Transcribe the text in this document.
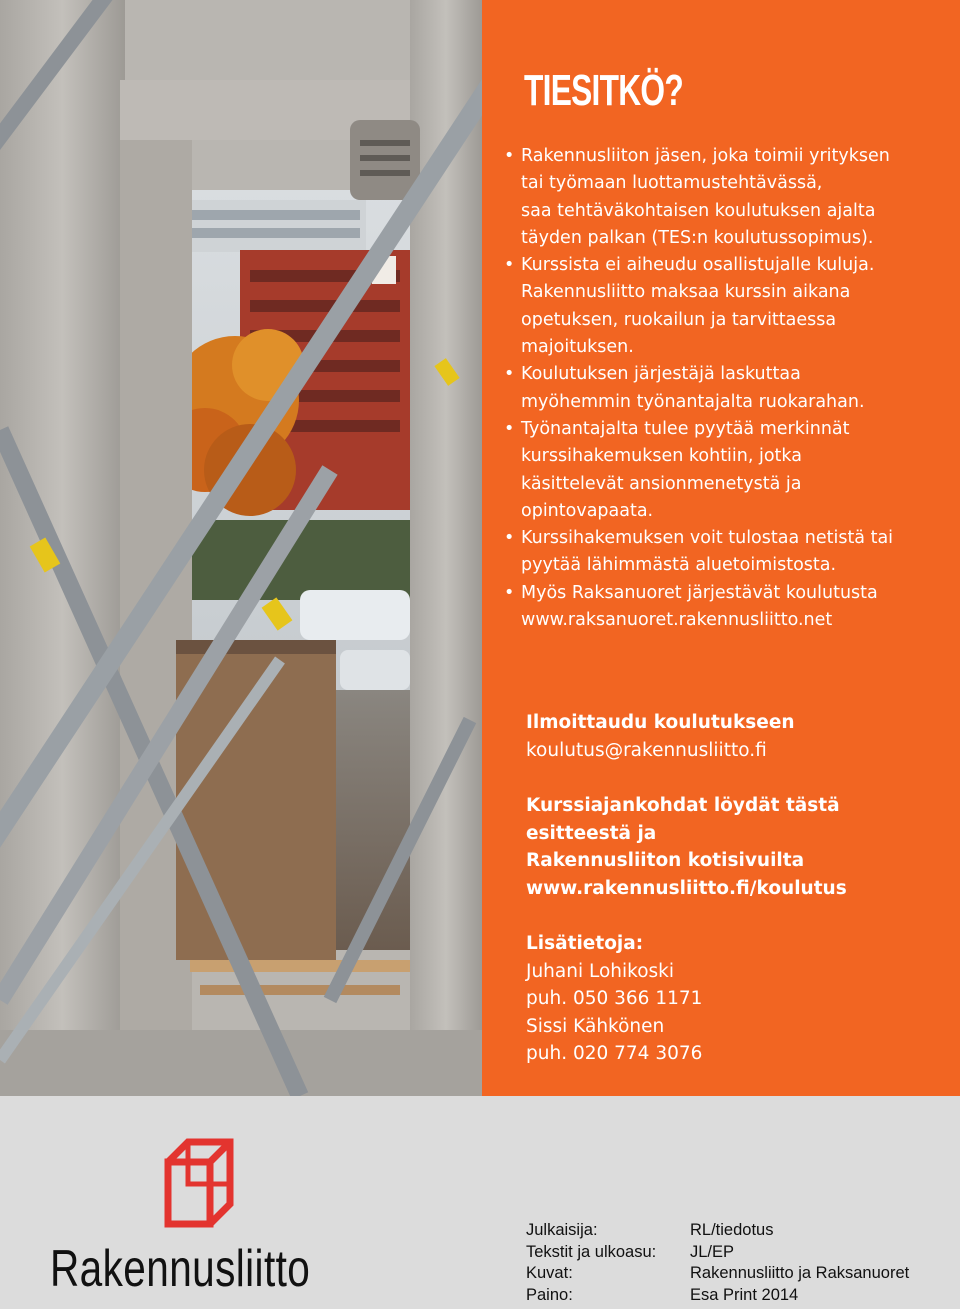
TIESITKÖ?
• Rakennusliiton jäsen, joka toimii yrityksen
tai työmaan luottamustehtävässä,
saa tehtäväkohtaisen koulutuksen ajalta
täyden palkan (TES:n koulutussopimus).
• Kurssista ei aiheudu osallistujalle kuluja.
Rakennusliitto maksaa kurssin aikana
opetuksen, ruokailun ja tarvittaessa
majoituksen.
• Koulutuksen järjestäjä laskuttaa
myöhemmin työnantajalta ruokarahan.
• Työnantajalta tulee pyytää merkinnät
kurssihakemuksen kohtiin, jotka
käsittelevät ansionmenetystä ja
opintovapaata.
• Kurssihakemuksen voit tulostaa netistä tai
pyytää lähimmästä aluetoimistosta.
• Myös Raksanuoret järjestävät koulutusta
www.raksanuoret.rakennusliitto.net
Ilmoittaudu koulutukseen
koulutus@rakennusliitto.fi
Kurssiajankohdat löydät tästä
esitteestä ja
Rakennusliiton kotisivuilta
www.rakennusliitto.fi/koulutus
Lisätietoja:
Juhani Lohikoski
puh. 050 366 1171
Sissi Kähkönen
puh. 020 774 3076

Rakennusliitto

Julkaisija:	RL/tiedotus
Tekstit ja ulkoasu: JL/EP
Kuvat:	Rakennusliitto ja Raksanuoret
Paino:	Esa Print 2014
